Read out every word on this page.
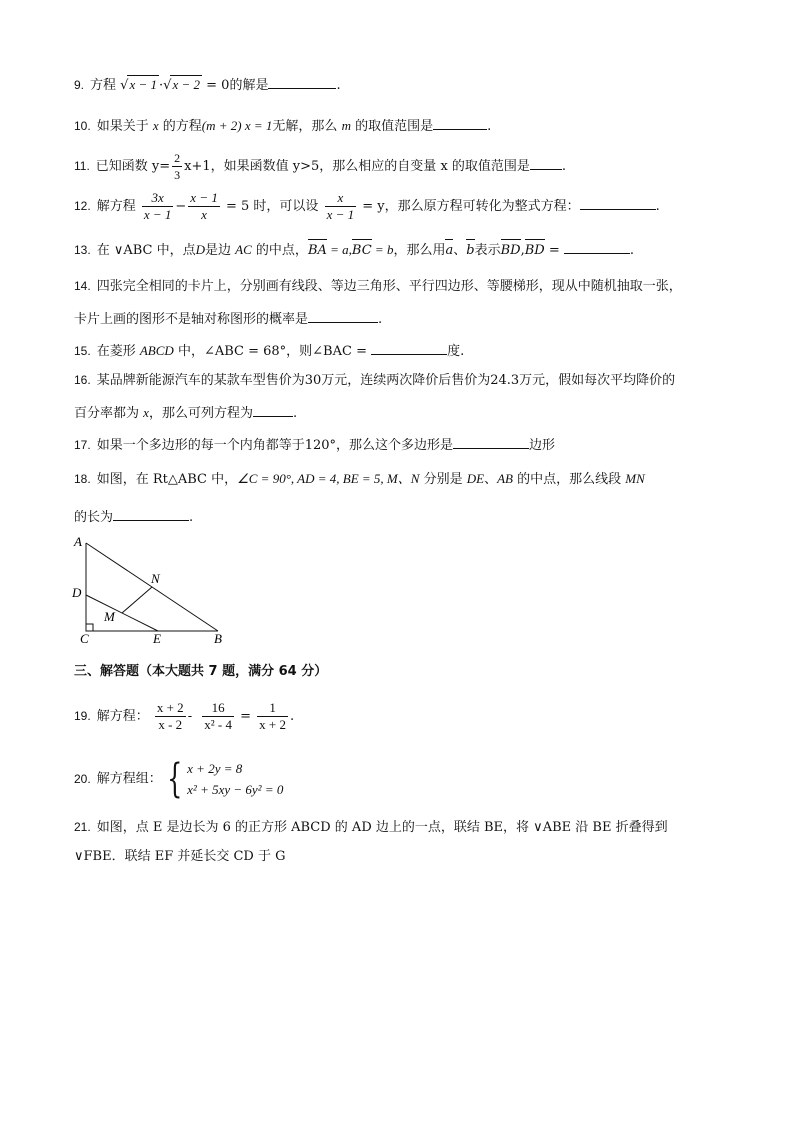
9. 方程 √x − 1 ·√x − 2 = 0的解是	.
10. 如果关于 x 的方程(m + 2) x = 1无解，那么 m 的取值范围是	.
11. 已知函数 $y= \frac{2}{3} x+1$，如果函数值 y>5，那么相应的自变量 x 的取值范围是 .
12. 解方程 $\frac{3x}{x - 1} - \frac{x - 1}{x} = 5$ 时，可以设 $\frac{x}{x - 1} = y$，那么原方程可转化为整式方程：	.
13. 在 ∨ABC 中，点D是边 AC 的中点，BA = a,BC = b，那么用a、b表示BD,BD =	.
14. 四张完全相同的卡片上，分别画有线段、等边三角形、平行四边形、等腰梯形，现从中随机抽取一张，
卡片上画的图形不是轴对称图形的概率是	.
15. 在菱形 ABCD 中，∠ABC = 68°，则∠BAC =	度.
16. 某品牌新能源汽车的某款车型售价为30万元，连续两次降价后售价为24.3万元，假如每次平均降价的
百分率都为 x，那么可列方程为	.
17. 如果一个多边形的每一个内角都等于120°，那么这个多边形是	边形
18. 如图，在 Rt△ABC 中，∠C = 90°, AD = 4, BE = 5, M、N 分别是 DE、AB 的中点，那么线段 MN
的长为	.
A
D
N
M
C	E	B
三、解答题（本大题共 7 题，满分 64 分）
19. 解方程： $\frac{x + 2}{x - 2} - \frac{16}{\text{x² - 4}} = \frac{1}{x + 2}$ .
20. 解方程组： { x + 2y = 8
x² + 5xy − 6y² = 0
21. 如图，点 E 是边长为 6 的正方形 ABCD 的 AD 边上的一点，联结 BE，将 ∨ABE 沿 BE 折叠得到
∨FBE．联结 EF 并延长交 CD 于 G
